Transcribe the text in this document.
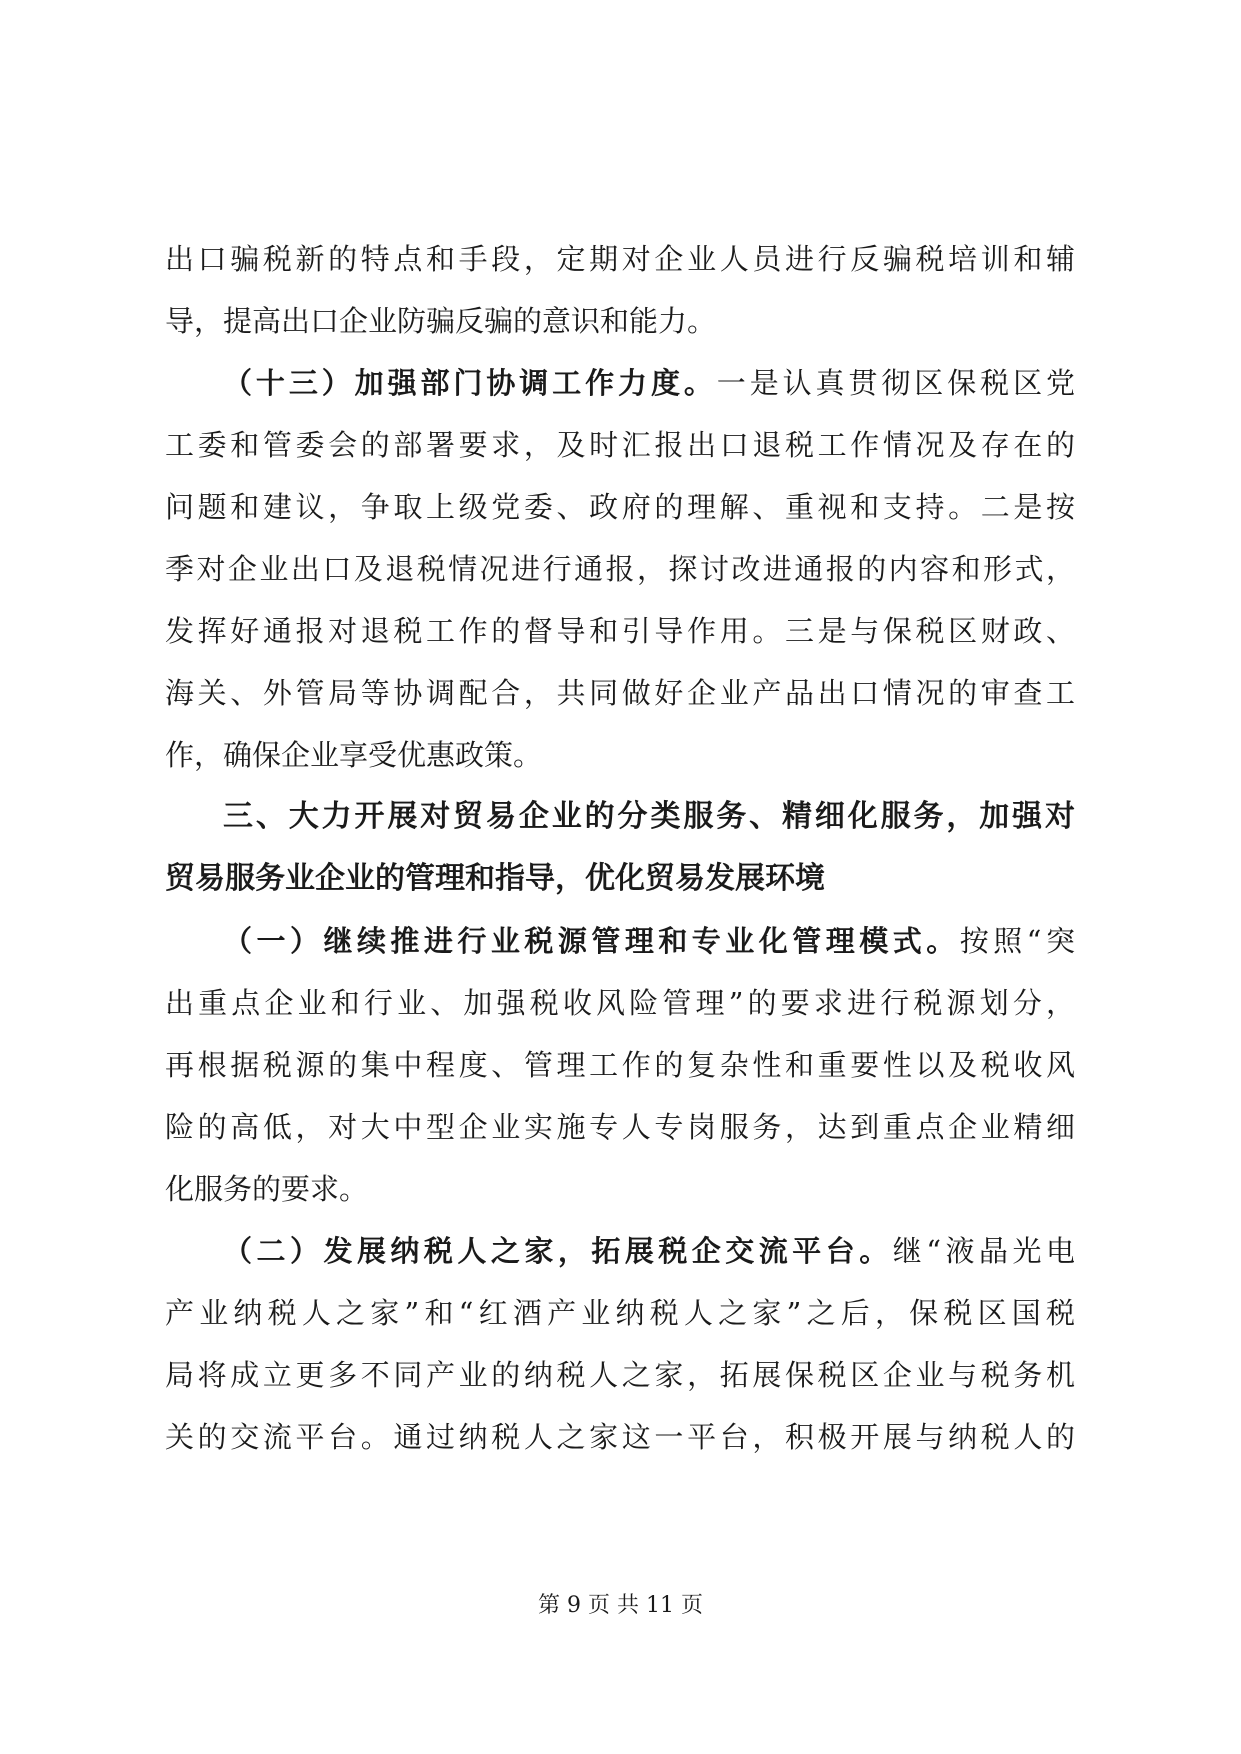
出口骗税新的特点和手段，定期对企业人员进行反骗税培训和辅
导，提高出口企业防骗反骗的意识和能力。
（十三）加强部门协调工作力度。一是认真贯彻区保税区党
工委和管委会的部署要求，及时汇报出口退税工作情况及存在的
问题和建议，争取上级党委、政府的理解、重视和支持。二是按
季对企业出口及退税情况进行通报，探讨改进通报的内容和形式，
发挥好通报对退税工作的督导和引导作用。三是与保税区财政、
海关、外管局等协调配合，共同做好企业产品出口情况的审查工
作，确保企业享受优惠政策。
三、大力开展对贸易企业的分类服务、精细化服务，加强对
贸易服务业企业的管理和指导，优化贸易发展环境
（一）继续推进行业税源管理和专业化管理模式。按照“突
出重点企业和行业、加强税收风险管理”的要求进行税源划分，
再根据税源的集中程度、管理工作的复杂性和重要性以及税收风
险的高低，对大中型企业实施专人专岗服务，达到重点企业精细
化服务的要求。
（二）发展纳税人之家，拓展税企交流平台。继“液晶光电
产业纳税人之家”和“红酒产业纳税人之家”之后，保税区国税
局将成立更多不同产业的纳税人之家，拓展保税区企业与税务机
关的交流平台。通过纳税人之家这一平台，积极开展与纳税人的
第 9 页 共 11 页
